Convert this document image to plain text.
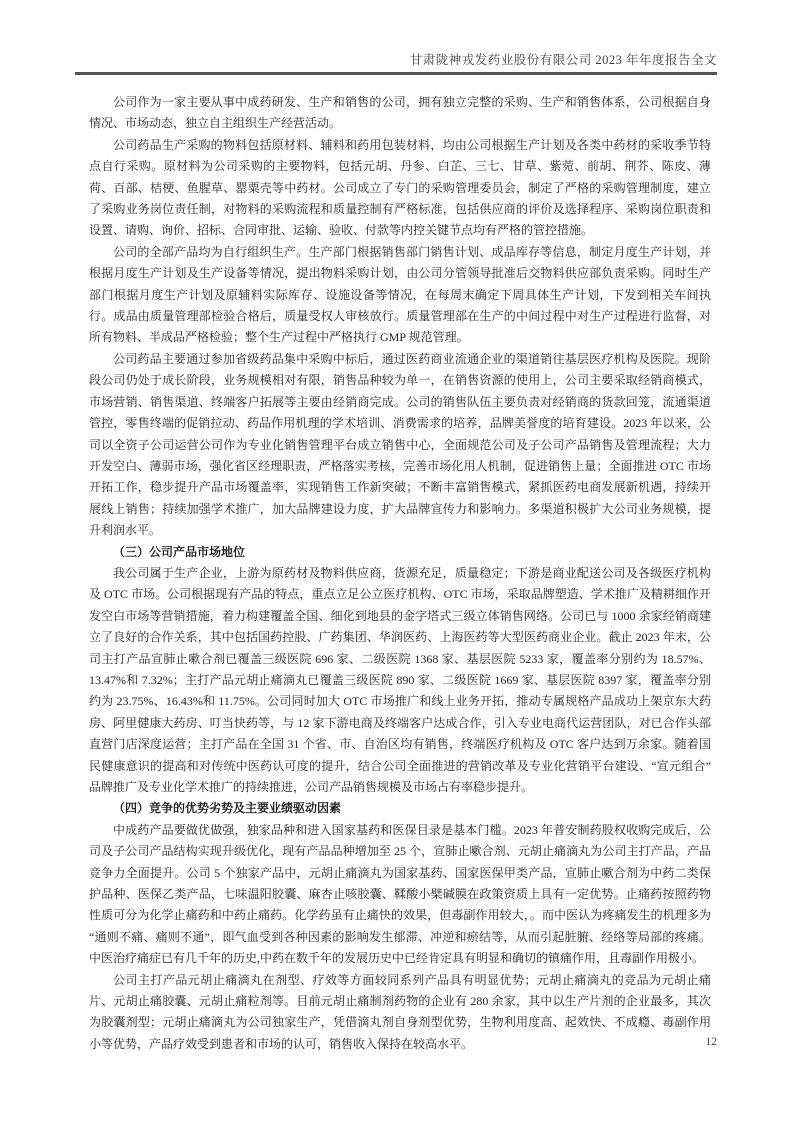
甘肃陇神戎发药业股份有限公司 2023 年年度报告全文

公司作为一家主要从事中成药研发、生产和销售的公司，拥有独立完整的采购、生产和销售体系，公司根据自身情况、市场动态，独立自主组织生产经营活动。

公司药品生产采购的物料包括原材料、辅料和药用包装材料，均由公司根据生产计划及各类中药材的采收季节特点自行采购。原材料为公司采购的主要物料，包括元胡、丹参、白芷、三七、甘草、紫菀、前胡、荆芥、陈皮、薄荷、百部、桔梗、鱼腥草、罂粟壳等中药材。公司成立了专门的采购管理委员会，制定了严格的采购管理制度，建立了采购业务岗位责任制，对物料的采购流程和质量控制有严格标准，包括供应商的评价及选择程序、采购岗位职责和设置、请购、询价、招标、合同审批、运输、验收、付款等内控关键节点均有严格的管控措施。

公司的全部产品均为自行组织生产。生产部门根据销售部门销售计划、成品库存等信息，制定月度生产计划，并根据月度生产计划及生产设备等情况，提出物料采购计划，由公司分管领导批准后交物料供应部负责采购。同时生产部门根据月度生产计划及原辅料实际库存、设施设备等情况，在每周末确定下周具体生产计划，下发到相关车间执行。成品由质量管理部检验合格后，质量受权人审核放行。质量管理部在生产的中间过程中对生产过程进行监督，对所有物料、半成品严格检验；整个生产过程中严格执行 GMP 规范管理。

公司药品主要通过参加省级药品集中采购中标后，通过医药商业流通企业的渠道销往基层医疗机构及医院。现阶段公司仍处于成长阶段，业务规模相对有限，销售品种较为单一，在销售资源的使用上，公司主要采取经销商模式，市场营销、销售渠道、终端客户拓展等主要由经销商完成。公司的销售队伍主要负责对经销商的货款回笼，流通渠道管控，零售终端的促销拉动、药品作用机理的学术培训、消费需求的培养，品牌美誉度的培育建设。2023 年以来，公司以全资子公司运营公司作为专业化销售管理平台成立销售中心，全面规范公司及子公司产品销售及管理流程；大力开发空白、薄弱市场，强化省区经理职责，严格落实考核，完善市场化用人机制，促进销售上量；全面推进 OTC 市场开拓工作，稳步提升产品市场覆盖率，实现销售工作新突破；不断丰富销售模式，紧抓医药电商发展新机遇，持续开展线上销售；持续加强学术推广，加大品牌建设力度，扩大品牌宣传力和影响力。多渠道积极扩大公司业务规模，提升利润水平。

（三）公司产品市场地位

我公司属于生产企业，上游为原药材及物料供应商，货源充足，质量稳定；下游是商业配送公司及各级医疗机构及 OTC 市场。公司根据现有产品的特点，重点立足公立医疗机构、OTC 市场，采取品牌塑造、学术推广及精耕细作开发空白市场等营销措施，着力构建覆盖全国、细化到地县的金字塔式三级立体销售网络。公司已与 1000 余家经销商建立了良好的合作关系，其中包括国药控股、广药集团、华润医药、上海医药等大型医药商业企业。截止 2023 年末，公司主打产品宣肺止嗽合剂已覆盖三级医院 696 家、二级医院 1368 家、基层医院 5233 家，覆盖率分别约为 18.57%、13.47%和 7.32%；主打产品元胡止痛滴丸已覆盖三级医院 890 家、二级医院 1669 家、基层医院 8397 家，覆盖率分别约为 23.75%、16.43%和 11.75%。公司同时加大 OTC 市场推广和线上业务开拓，推动专属规格产品成功上架京东大药房、阿里健康大药房、叮当快药等，与 12 家下游电商及终端客户达成合作，引入专业电商代运营团队，对已合作头部直营门店深度运营；主打产品在全国 31 个省、市、自治区均有销售，终端医疗机构及 OTC 客户达到万余家。随着国民健康意识的提高和对传统中医药认可度的提升，结合公司全面推进的营销改革及专业化营销平台建设、“宣元组合”品牌推广及专业化学术推广的持续推进，公司产品销售规模及市场占有率稳步提升。

（四）竞争的优势劣势及主要业绩驱动因素

中成药产品要做优做强，独家品种和进入国家基药和医保目录是基本门槛。2023 年普安制药股权收购完成后，公司及子公司产品结构实现升级优化，现有产品品种增加至 25 个，宣肺止嗽合剂、元胡止痛滴丸为公司主打产品，产品竞争力全面提升。公司 5 个独家产品中，元胡止痛滴丸为国家基药、国家医保甲类产品，宣肺止嗽合剂为中药二类保护品种、医保乙类产品，七味温阳胶囊、麻杏止咳胶囊、鞣酸小檗碱膜在政策资质上具有一定优势。止痛药按照药物性质可分为化学止痛药和中药止痛药。化学药虽有止痛快的效果，但毒副作用较大，。而中医认为疼痛发生的机理多为“通则不痛、痛则不通”，即气血受到各种因素的影响发生郁滞、冲逆和瘀结等，从而引起脏腑、经络等局部的疼痛。中医治疗痛症已有几千年的历史,中药在数千年的发展历史中已经肯定具有明显和确切的镇痛作用，且毒副作用极小。

公司主打产品元胡止痛滴丸在剂型、疗效等方面较同系列产品具有明显优势；元胡止痛滴丸的竞品为元胡止痛片、元胡止痛胶囊、元胡止痛粒剂等。目前元胡止痛制剂药物的企业有 280 余家，其中以生产片剂的企业最多，其次为胶囊剂型；元胡止痛滴丸为公司独家生产，凭借滴丸剂自身剂型优势，生物利用度高、起效快、不成瘾、毒副作用小等优势，产品疗效受到患者和市场的认可，销售收入保持在较高水平。	12
